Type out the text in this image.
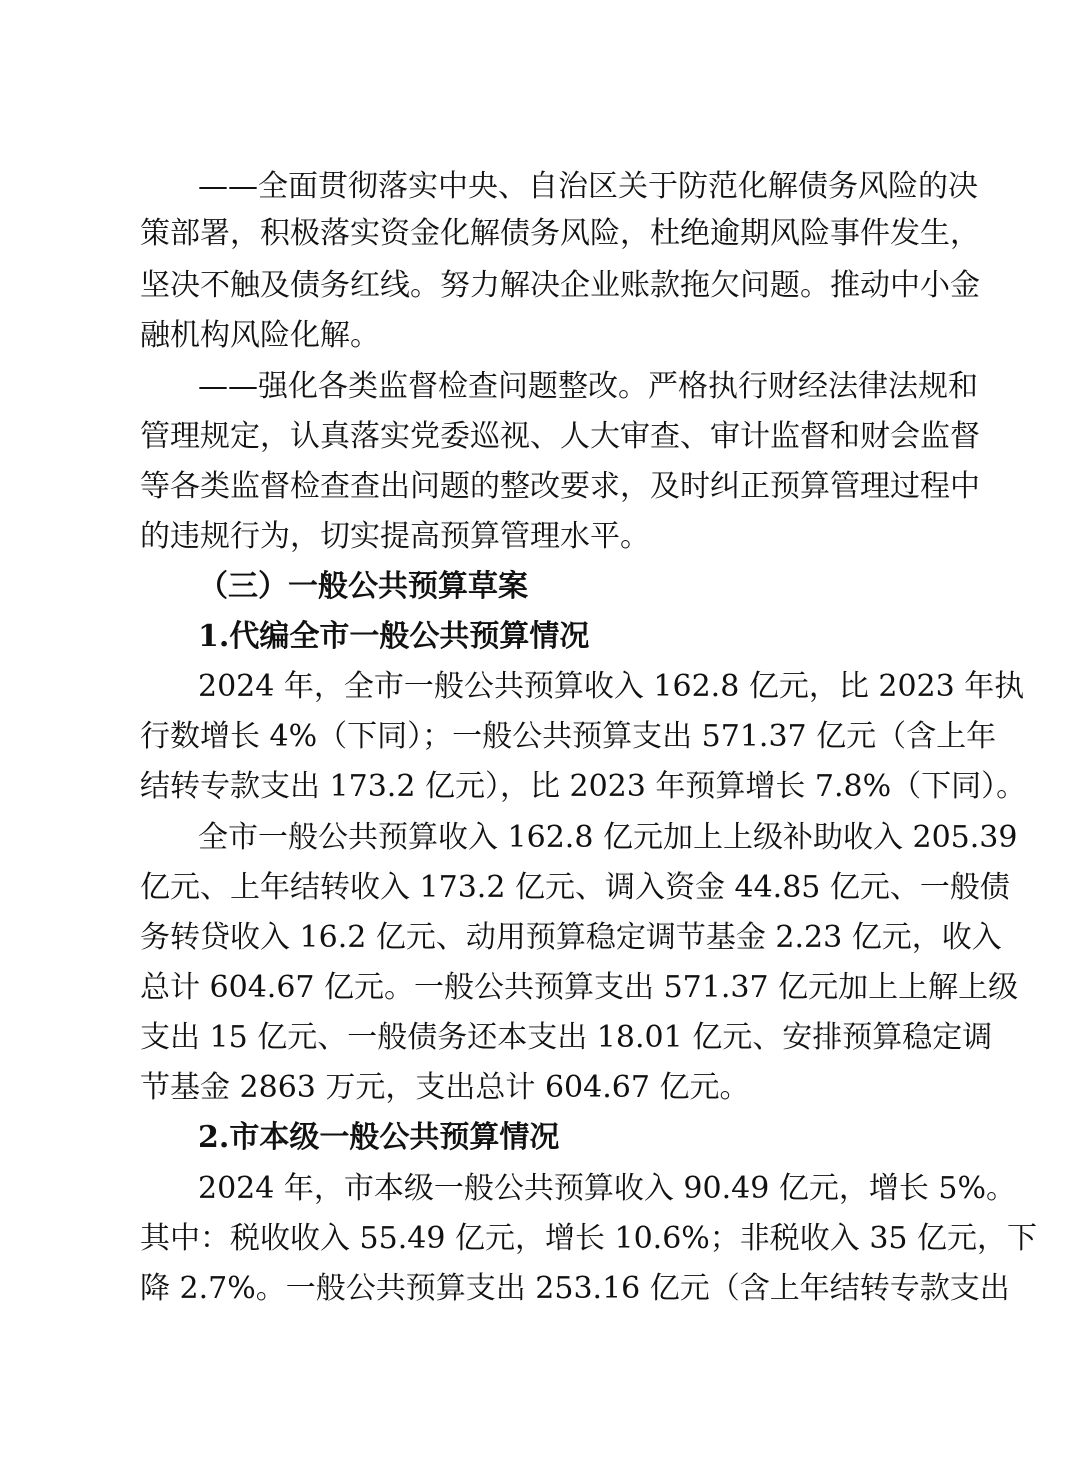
——全面贯彻落实中央、自治区关于防范化解债务风险的决
策部署，积极落实资金化解债务风险，杜绝逾期风险事件发生，
坚决不触及债务红线。努力解决企业账款拖欠问题。推动中小金
融机构风险化解。
——强化各类监督检查问题整改。严格执行财经法律法规和
管理规定，认真落实党委巡视、人大审查、审计监督和财会监督
等各类监督检查查出问题的整改要求，及时纠正预算管理过程中
的违规行为，切实提高预算管理水平。
（三）一般公共预算草案
1.代编全市一般公共预算情况
2024 年，全市一般公共预算收入 162.8 亿元，比 2023 年执
行数增长 4%（下同）；一般公共预算支出 571.37 亿元（含上年
结转专款支出 173.2 亿元），比 2023 年预算增长 7.8%（下同）。
全市一般公共预算收入 162.8 亿元加上上级补助收入 205.39
亿元、上年结转收入 173.2 亿元、调入资金 44.85 亿元、一般债
务转贷收入 16.2 亿元、动用预算稳定调节基金 2.23 亿元，收入
总计 604.67 亿元。一般公共预算支出 571.37 亿元加上上解上级
支出 15 亿元、一般债务还本支出 18.01 亿元、安排预算稳定调
节基金 2863 万元，支出总计 604.67 亿元。
2.市本级一般公共预算情况
2024 年，市本级一般公共预算收入 90.49 亿元，增长 5%。
其中：税收收入 55.49 亿元，增长 10.6%；非税收入 35 亿元，下
降 2.7%。一般公共预算支出 253.16 亿元（含上年结转专款支出
